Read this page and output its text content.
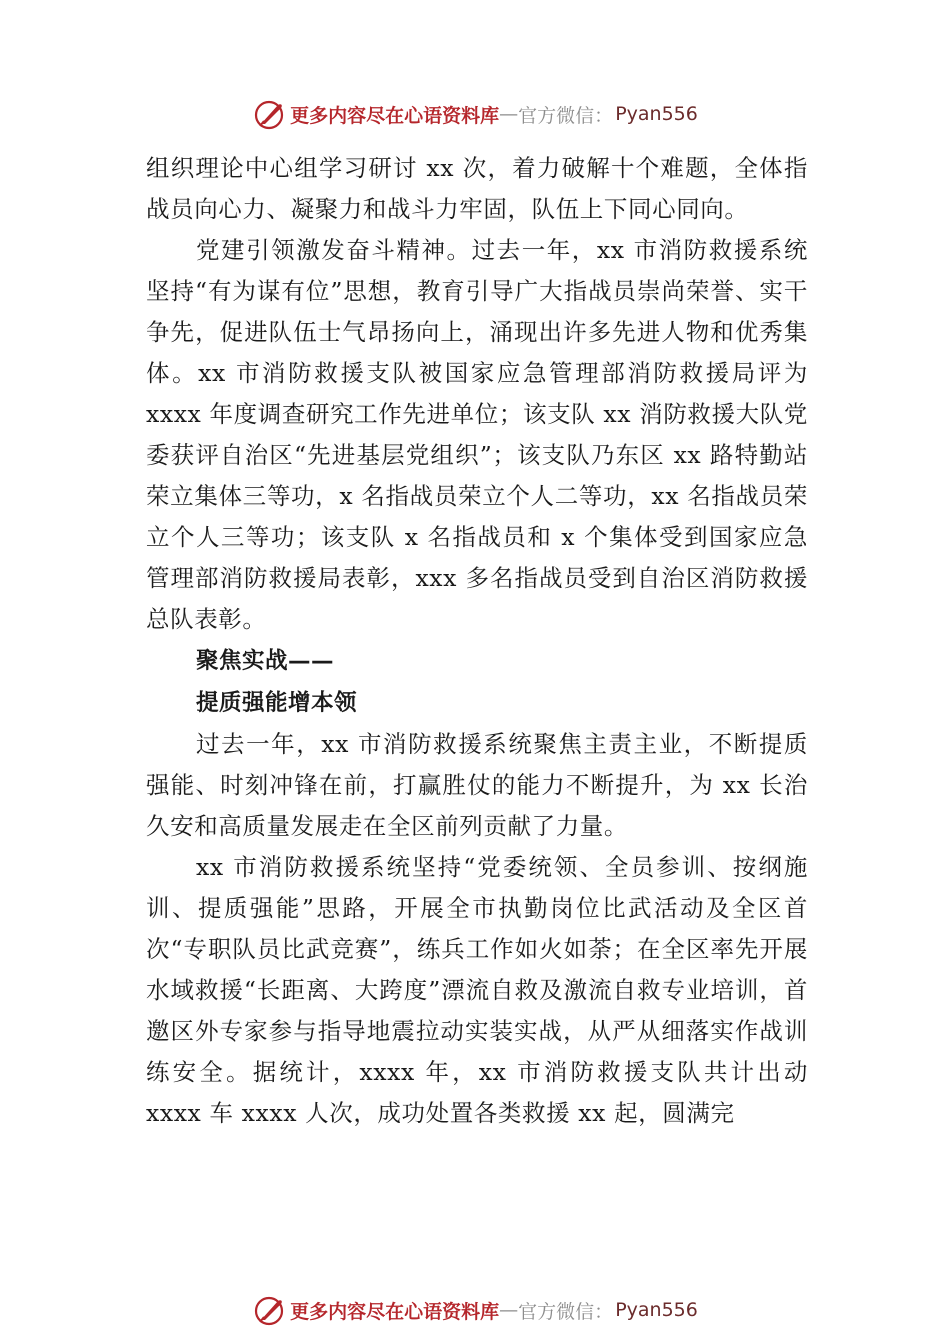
更多内容尽在心语资料库 — 官方微信： Pyan556

组织理论中心组学习研讨 xx 次，着力破解十个难题，全体指战员向心力、凝聚力和战斗力牢固，队伍上下同心同向。

党建引领激发奋斗精神。过去一年，xx 市消防救援系统坚持“有为谋有位”思想，教育引导广大指战员崇尚荣誉、实干争先，促进队伍士气昂扬向上，涌现出许多先进人物和优秀集体。xx 市消防救援支队被国家应急管理部消防救援局评为 xxxx 年度调查研究工作先进单位；该支队 xx 消防救援大队党委获评自治区“先进基层党组织”；该支队乃东区 xx 路特勤站荣立集体三等功，x 名指战员荣立个人二等功，xx 名指战员荣立个人三等功；该支队 x 名指战员和 x 个集体受到国家应急管理部消防救援局表彰，xxx 多名指战员受到自治区消防救援总队表彰。

聚焦实战——

提质强能增本领

过去一年，xx 市消防救援系统聚焦主责主业，不断提质强能、时刻冲锋在前，打赢胜仗的能力不断提升，为 xx 长治久安和高质量发展走在全区前列贡献了力量。

xx 市消防救援系统坚持“党委统领、全员参训、按纲施训、提质强能”思路，开展全市执勤岗位比武活动及全区首次“专职队员比武竞赛”，练兵工作如火如荼；在全区率先开展水域救援“长距离、大跨度”漂流自救及激流自救专业培训，首邀区外专家参与指导地震拉动实装实战，从严从细落实作战训练安全。据统计，xxxx 年，xx 市消防救援支队共计出动 xxxx 车 xxxx 人次，成功处置各类救援 xx 起，圆满完

更多内容尽在心语资料库 — 官方微信： Pyan556
